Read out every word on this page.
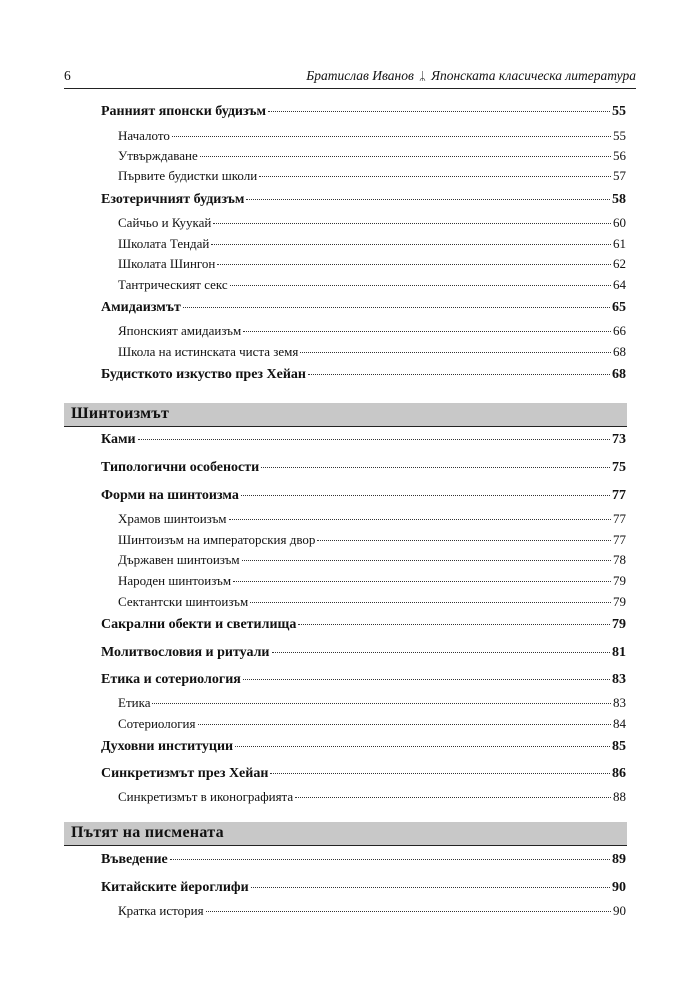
6	Братислав Иванов ᛦ Японската класическа литература
Ранният японски будизъм	55
Началото	55
Утвърждаване	56
Първите будистки школи	57
Езотеричният будизъм	58
Сайчьо и Куукай	60
Школата Тендай	61
Школата Шингон	62
Тантрическият секс	64
Амидаизмът	65
Японският амидаизъм	66
Школа на истинската чиста земя	68
Будисткото изкуство през Хейан	68
Шинтоизмът
Ками	73
Типологични особености	75
Форми на шинтоизма	77
Храмов шинтоизъм	77
Шинтоизъм на императорския двор	77
Държавен шинтоизъм	78
Народен шинтоизъм	79
Сектантски шинтоизъм	79
Сакрални обекти и светилища	79
Молитвословия и ритуали	81
Етика и сотериология	83
Етика	83
Сотериология	84
Духовни институции	85
Синкретизмът през Хейан	86
Синкретизмът в иконографията	88
Пътят на писмената
Въведение	89
Китайските йероглифи	90
Кратка история	90
